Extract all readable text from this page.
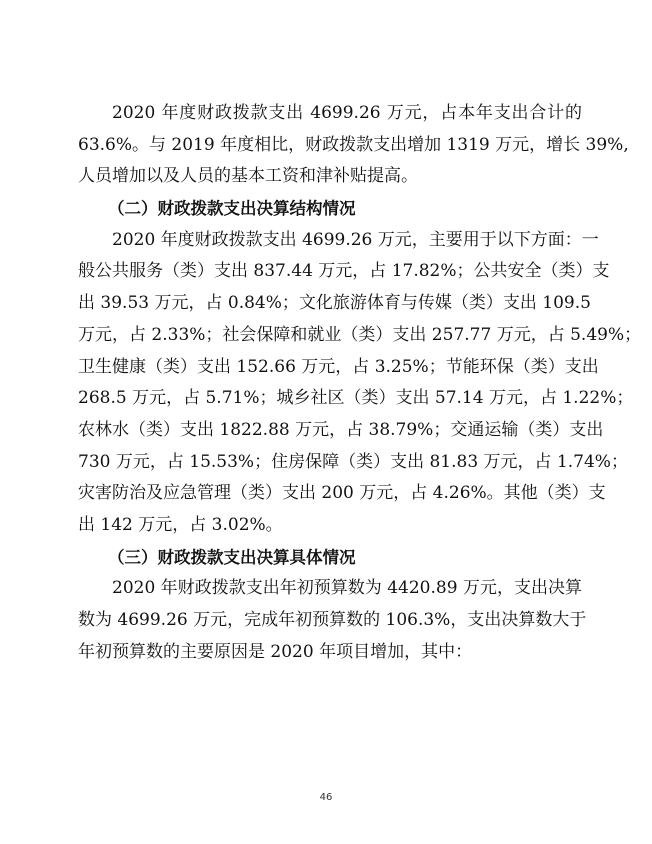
2020 年度财政拨款支出 4699.26 万元，占本年支出合计的
63.6%。与 2019 年度相比，财政拨款支出增加 1319 万元，增长 39%,
人员增加以及人员的基本工资和津补贴提高。
（二）财政拨款支出决算结构情况
2020 年度财政拨款支出 4699.26 万元，主要用于以下方面：一
般公共服务（类）支出 837.44 万元，占 17.82%；公共安全（类）支
出 39.53 万元，占 0.84%；文化旅游体育与传媒（类）支出 109.5
万元，占 2.33%；社会保障和就业（类）支出 257.77 万元，占 5.49%；
卫生健康（类）支出 152.66 万元，占 3.25%；节能环保（类）支出
268.5 万元，占 5.71%；城乡社区（类）支出 57.14 万元，占 1.22%；
农林水（类）支出 1822.88 万元，占 38.79%；交通运输（类）支出
730 万元，占 15.53%；住房保障（类）支出 81.83 万元，占 1.74%；
灾害防治及应急管理（类）支出 200 万元，占 4.26%。其他（类）支
出 142 万元，占 3.02%。
（三）财政拨款支出决算具体情况
2020 年财政拨款支出年初预算数为 4420.89 万元，支出决算
数为 4699.26 万元，完成年初预算数的 106.3%，支出决算数大于
年初预算数的主要原因是 2020 年项目增加，其中：
46
